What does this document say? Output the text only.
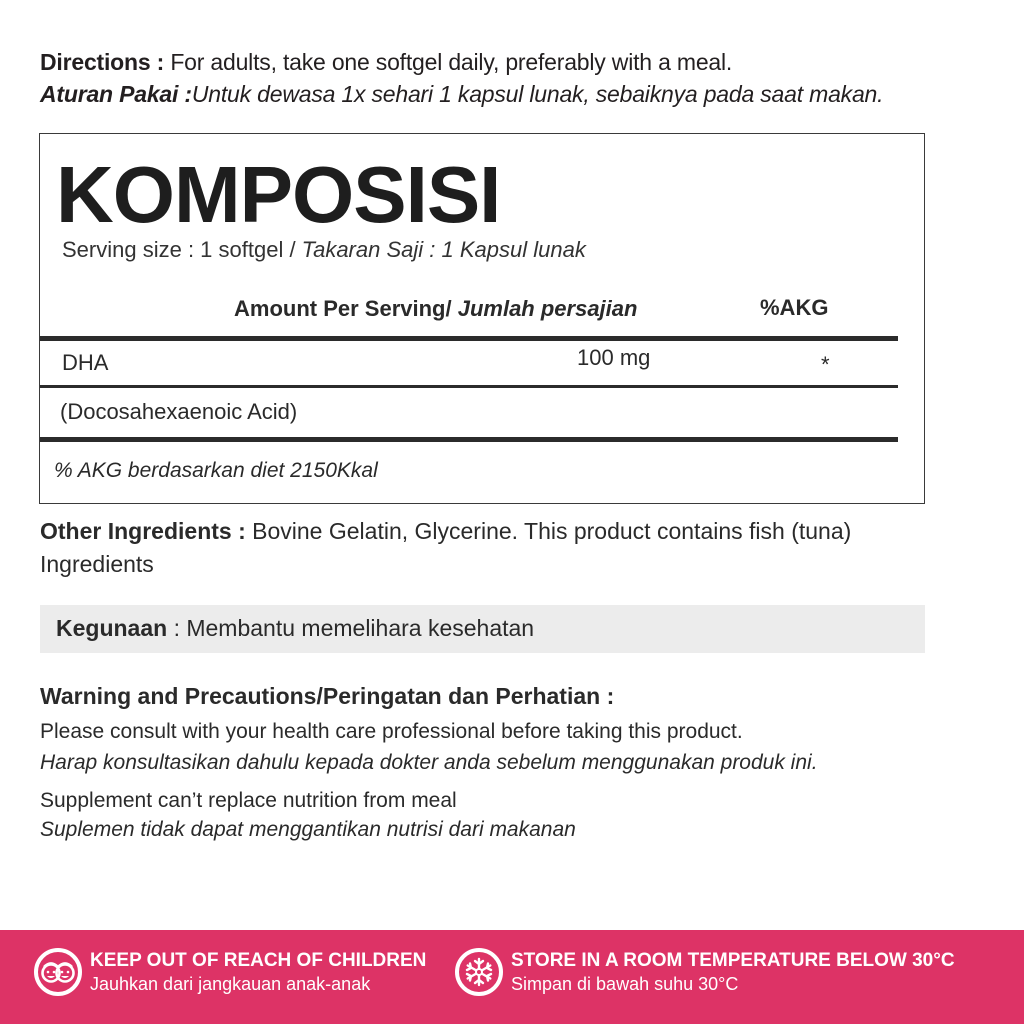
Directions : For adults, take one softgel daily, preferably with a meal.
Aturan Pakai :Untuk dewasa 1x sehari 1 kapsul lunak, sebaiknya pada saat makan.
KOMPOSISI
Serving size : 1 softgel / Takaran Saji : 1 Kapsul lunak
Amount Per Serving/ Jumlah persajian	%AKG
DHA	100 mg	*
(Docosahexaenoic Acid)
% AKG berdasarkan diet 2150Kkal
Other Ingredients : Bovine Gelatin, Glycerine. This product contains fish (tuna) Ingredients
Kegunaan : Membantu memelihara kesehatan
Warning and Precautions/Peringatan dan Perhatian :
Please consult with your health care professional before taking this product.
Harap konsultasikan dahulu kepada dokter anda sebelum menggunakan produk ini.
Supplement can’t replace nutrition from meal
Suplemen tidak dapat menggantikan nutrisi dari makanan
KEEP OUT OF REACH OF CHILDREN
Jauhkan dari jangkauan anak-anak
STORE IN A ROOM TEMPERATURE BELOW 30°C
Simpan di bawah suhu 30°C
